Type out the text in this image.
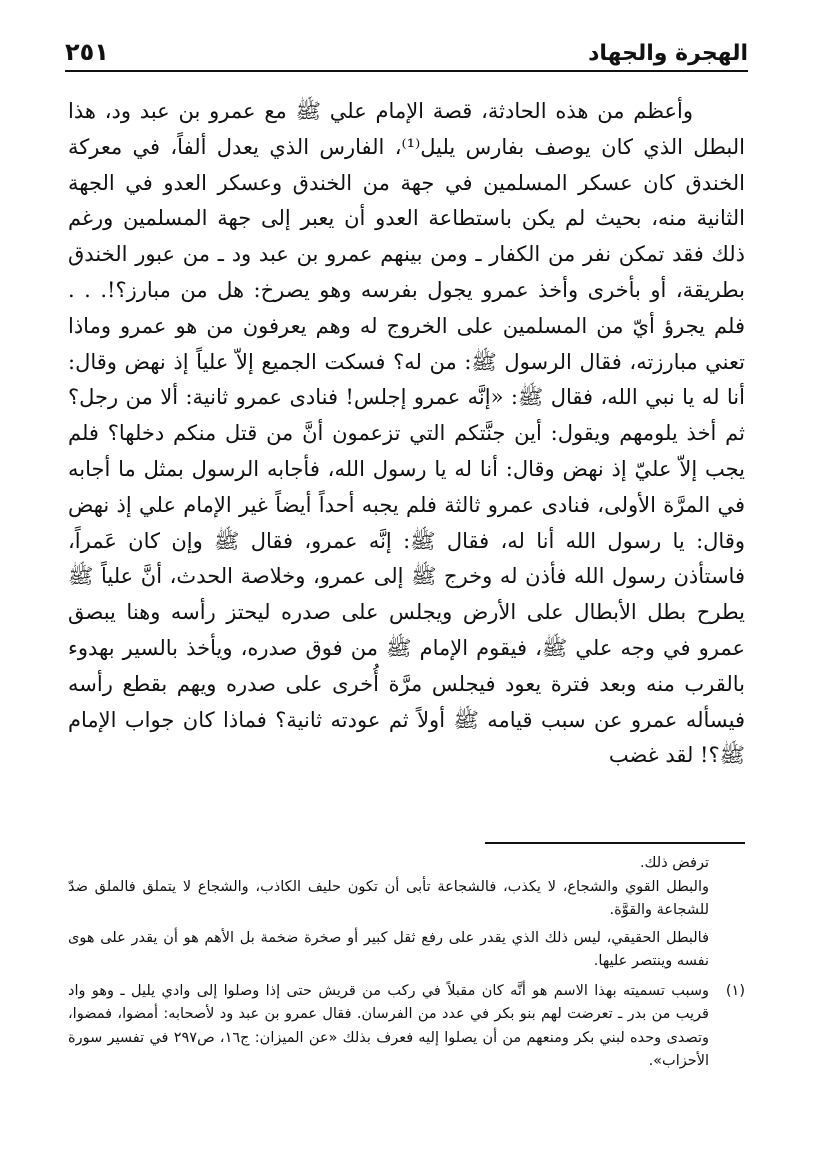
الهجرة والجهاد
٢٥١

وأعظم من هذه الحادثة، قصة الإمام علي ﷺ مع عمرو بن عبد ود، هذا البطل الذي كان يوصف بفارس يليل⁽¹⁾، الفارس الذي يعدل ألفاً، في معركة الخندق كان عسكر المسلمين في جهة من الخندق وعسكر العدو في الجهة الثانية منه، بحيث لم يكن باستطاعة العدو أن يعبر إلى جهة المسلمين ورغم ذلك فقد تمكن نفر من الكفار ـ ومن بينهم عمرو بن عبد ود ـ من عبور الخندق بطريقة، أو بأخرى وأخذ عمرو يجول بفرسه وهو يصرخ: هل من مبارز؟!. . . فلم يجرؤ أيّ من المسلمين على الخروج له وهم يعرفون من هو عمرو وماذا تعني مبارزته، فقال الرسول ﷺ: من له؟ فسكت الجميع إلاّ علياً إذ نهض وقال: أنا له يا نبي الله، فقال ﷺ: «إنَّه عمرو إجلس! فنادى عمرو ثانية: ألا من رجل؟ ثم أخذ يلومهم ويقول: أين جنَّتكم التي تزعمون أنَّ من قتل منكم دخلها؟ فلم يجب إلاّ عليّ إذ نهض وقال: أنا له يا رسول الله، فأجابه الرسول بمثل ما أجابه في المرَّة الأولى، فنادى عمرو ثالثة فلم يجبه أحداً أيضاً غير الإمام علي إذ نهض وقال: يا رسول الله أنا له، فقال ﷺ: إنَّه عمرو، فقال ﷺ وإن كان عَمراً، فاستأذن رسول الله فأذن له وخرج ﷺ إلى عمرو، وخلاصة الحدث، أنَّ علياً ﷺ يطرح بطل الأبطال على الأرض ويجلس على صدره ليحتز رأسه وهنا يبصق عمرو في وجه علي ﷺ، فيقوم الإمام ﷺ من فوق صدره، ويأخذ بالسير بهدوء بالقرب منه وبعد فترة يعود فيجلس مرَّة أُخرى على صدره ويهم بقطع رأسه فيسأله عمرو عن سبب قيامه ﷺ أولاً ثم عودته ثانية؟ فماذا كان جواب الإمام ﷺ؟! لقد غضب

ترفض ذلك.

والبطل القوي والشجاع، لا يكذب، فالشجاعة تأبى أن تكون حليف الكاذب، والشجاع لا يتملق فالملق ضدّ للشجاعة والقوَّة.

فالبطل الحقيقي، ليس ذلك الذي يقدر على رفع ثقل كبير أو صخرة ضخمة بل الأهم هو أن يقدر على هوى نفسه وينتصر عليها.

(١)
وسبب تسميته بهذا الاسم هو أنَّه كان مقبلاً في ركب من قريش حتى إذا وصلوا إلى وادي يليل ـ وهو واد قريب من بدر ـ تعرضت لهم بنو بكر في عدد من الفرسان. فقال عمرو بن عبد ود لأصحابه: أمضوا، فمضوا، وتصدى وحده لبني بكر ومنعهم من أن يصلوا إليه فعرف بذلك «عن الميزان: ج١٦، ص٢٩٧ في تفسير سورة الأحزاب».
